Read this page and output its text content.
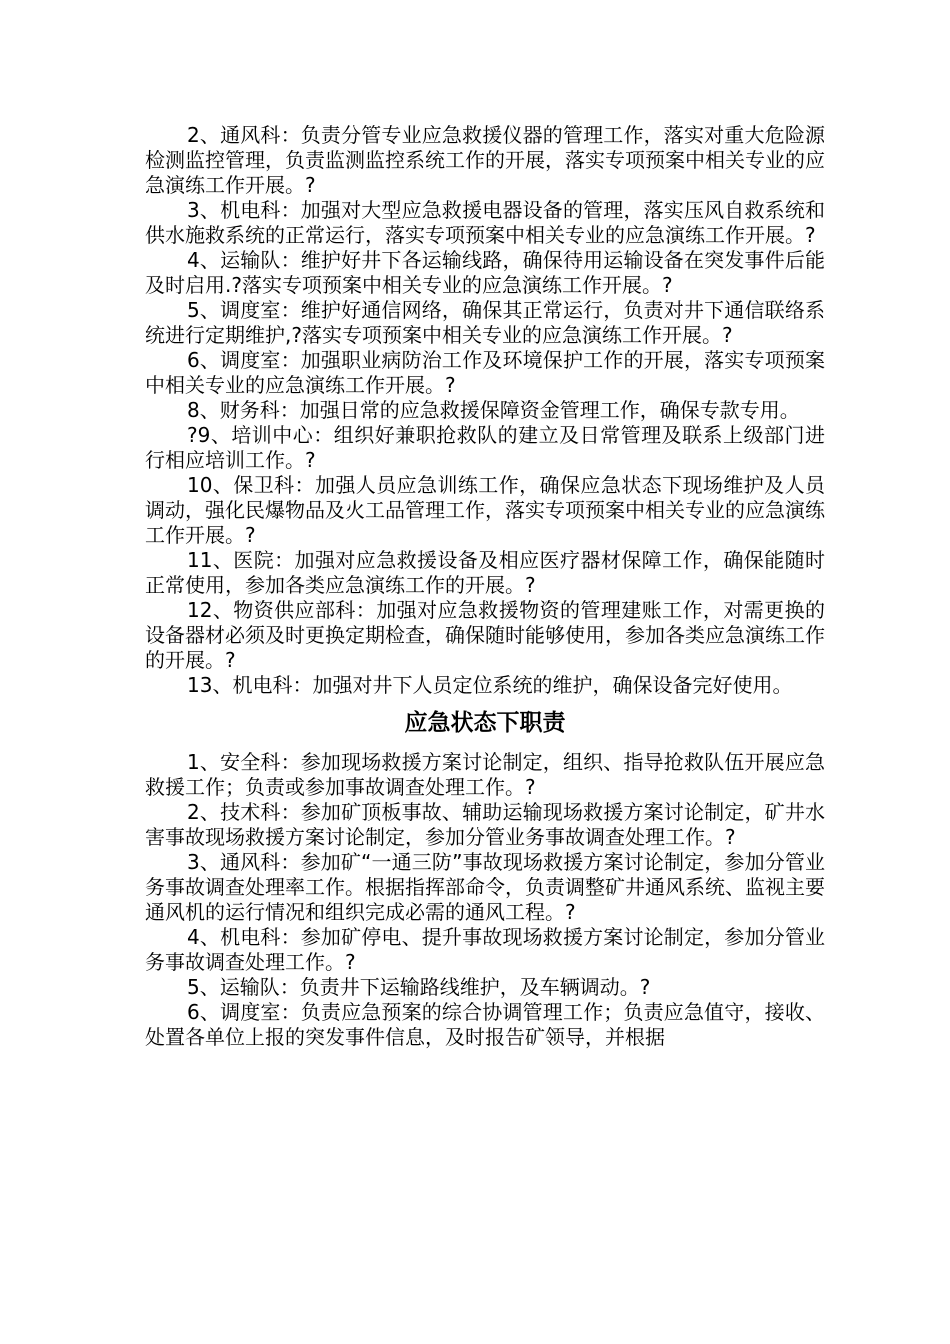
2、通风科：负责分管专业应急救援仪器的管理工作，落实对重大危险源检测监控管理，负责监测监控系统工作的开展，落实专项预案中相关专业的应急演练工作开展。?

3、机电科：加强对大型应急救援电器设备的管理，落实压风自救系统和供水施救系统的正常运行，落实专项预案中相关专业的应急演练工作开展。?

4、运输队：维护好井下各运输线路，确保待用运输设备在突发事件后能及时启用.?落实专项预案中相关专业的应急演练工作开展。?

5、调度室：维护好通信网络，确保其正常运行，负责对井下通信联络系统进行定期维护,?落实专项预案中相关专业的应急演练工作开展。?

6、调度室：加强职业病防治工作及环境保护工作的开展，落实专项预案中相关专业的应急演练工作开展。?

8、财务科：加强日常的应急救援保障资金管理工作，确保专款专用。

?9、培训中心：组织好兼职抢救队的建立及日常管理及联系上级部门进行相应培训工作。?

10、保卫科：加强人员应急训练工作，确保应急状态下现场维护及人员调动，强化民爆物品及火工品管理工作，落实专项预案中相关专业的应急演练工作开展。?

11、医院：加强对应急救援设备及相应医疗器材保障工作，确保能随时正常使用，参加各类应急演练工作的开展。?

12、物资供应部科：加强对应急救援物资的管理建账工作，对需更换的设备器材必须及时更换定期检查，确保随时能够使用，参加各类应急演练工作的开展。?

13、机电科：加强对井下人员定位系统的维护，确保设备完好使用。

应急状态下职责

1、安全科：参加现场救援方案讨论制定，组织、指导抢救队伍开展应急救援工作；负责或参加事故调查处理工作。?

2、技术科：参加矿顶板事故、辅助运输现场救援方案讨论制定，矿井水害事故现场救援方案讨论制定，参加分管业务事故调查处理工作。?

3、通风科：参加矿“一通三防”事故现场救援方案讨论制定，参加分管业务事故调查处理率工作。根据指挥部命令，负责调整矿井通风系统、监视主要通风机的运行情况和组织完成必需的通风工程。?

4、机电科：参加矿停电、提升事故现场救援方案讨论制定，参加分管业务事故调查处理工作。?

5、运输队：负责井下运输路线维护，及车辆调动。?

6、调度室：负责应急预案的综合协调管理工作；负责应急值守，接收、处置各单位上报的突发事件信息，及时报告矿领导，并根据
